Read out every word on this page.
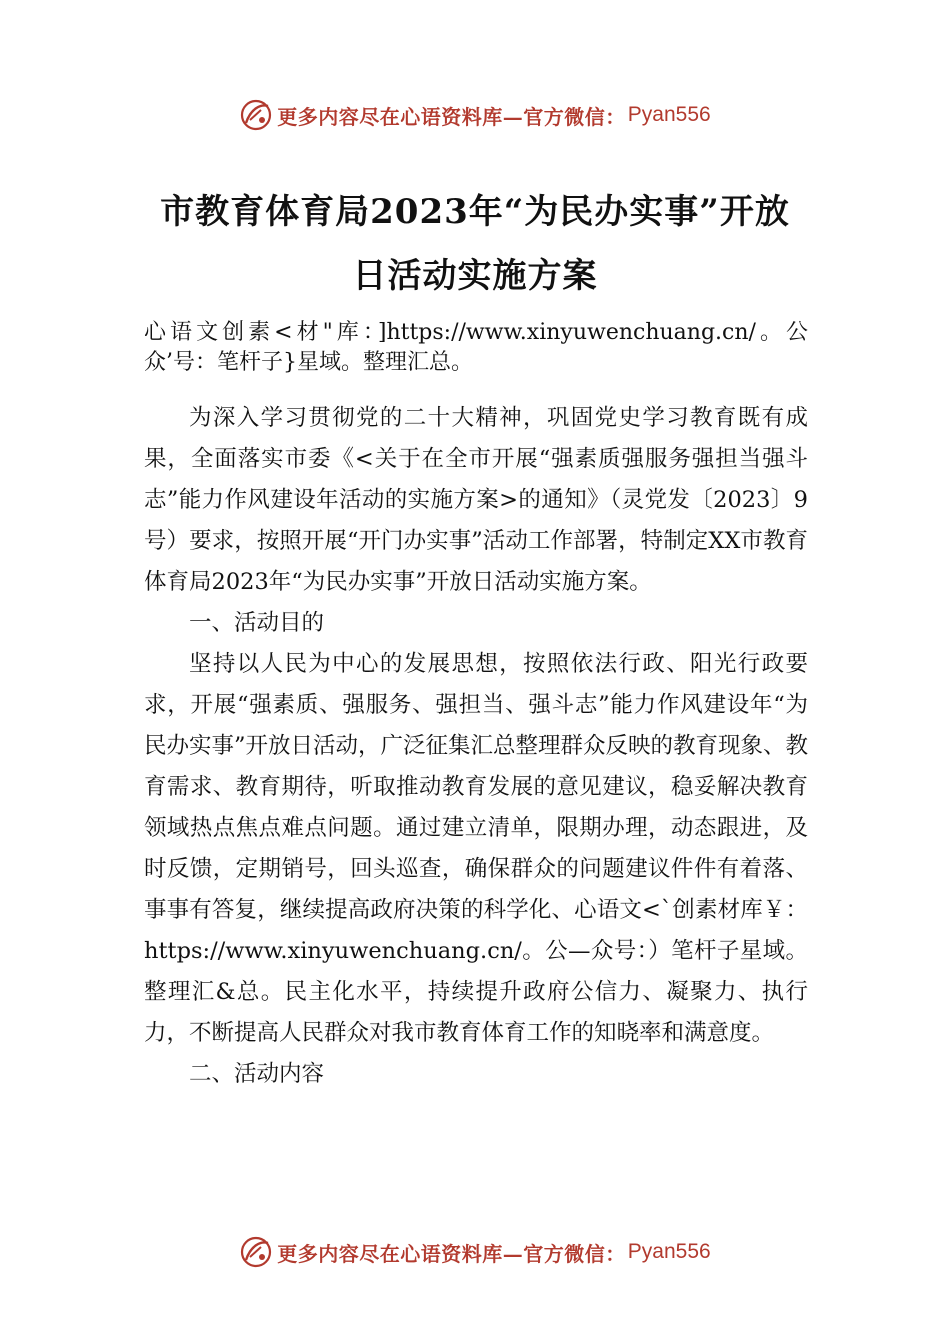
更多内容尽在心语资料库—官方微信： Pyan556
市教育体育局2023年“为民办实事”开放
日活动实施方案

心语文创素<材"库：]https://www.xinyuwenchuang.cn/。公众’号：笔杆子}星域。整理汇总。

为深入学习贯彻党的二十大精神，巩固党史学习教育既有成果，全面落实市委《<关于在全市开展“强素质强服务强担当强斗志”能力作风建设年活动的实施方案>的通知》（灵党发〔2023〕9号）要求，按照开展“开门办实事”活动工作部署，特制定XX市教育体育局2023年“为民办实事”开放日活动实施方案。

一、活动目的

坚持以人民为中心的发展思想，按照依法行政、阳光行政要求，开展“强素质、强服务、强担当、强斗志”能力作风建设年“为民办实事”开放日活动，广泛征集汇总整理群众反映的教育现象、教育需求、教育期待，听取推动教育发展的意见建议，稳妥解决教育领域热点焦点难点问题。通过建立清单，限期办理，动态跟进，及时反馈，定期销号，回头巡查，确保群众的问题建议件件有着落、事事有答复，继续提高政府决策的科学化、心语文<`创素材库￥：https://www.xinyuwenchuang.cn/。公—众号：）笔杆子星域。整理汇&总。民主化水平，持续提升政府公信力、凝聚力、执行力，不断提高人民群众对我市教育体育工作的知晓率和满意度。

二、活动内容

更多内容尽在心语资料库—官方微信： Pyan556
